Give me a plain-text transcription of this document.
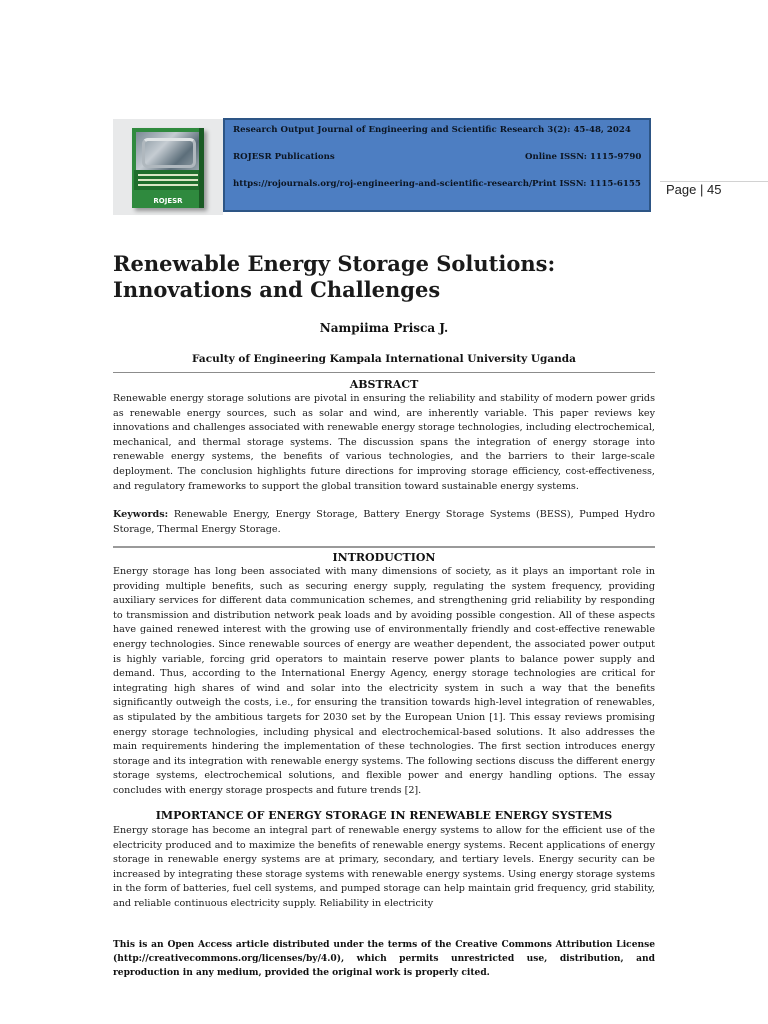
ROJESR
Research Output Journal of Engineering and Scientific Research 3(2): 45-48, 2024
ROJESR Publications	Online ISSN: 1115-9790
https://rojournals.org/roj-engineering-and-scientific-research/ Print ISSN: 1115-6155 Page | 45
Renewable Energy Storage Solutions: Innovations and Challenges
Nampiima Prisca J.
Faculty of Engineering Kampala International University Uganda
ABSTRACT

Renewable energy storage solutions are pivotal in ensuring the reliability and stability of modern power grids as renewable energy sources, such as solar and wind, are inherently variable. This paper reviews key innovations and challenges associated with renewable energy storage technologies, including electrochemical, mechanical, and thermal storage systems. The discussion spans the integration of energy storage into renewable energy systems, the benefits of various technologies, and the barriers to their large-scale deployment. The conclusion highlights future directions for improving storage efficiency, cost-effectiveness, and regulatory frameworks to support the global transition toward sustainable energy systems.

Keywords: Renewable Energy, Energy Storage, Battery Energy Storage Systems (BESS), Pumped Hydro Storage, Thermal Energy Storage.

INTRODUCTION

Energy storage has long been associated with many dimensions of society, as it plays an important role in providing multiple benefits, such as securing energy supply, regulating the system frequency, providing auxiliary services for different data communication schemes, and strengthening grid reliability by responding to transmission and distribution network peak loads and by avoiding possible congestion. All of these aspects have gained renewed interest with the growing use of environmentally friendly and cost-effective renewable energy technologies. Since renewable sources of energy are weather dependent, the associated power output is highly variable, forcing grid operators to maintain reserve power plants to balance power supply and demand. Thus, according to the International Energy Agency, energy storage technologies are critical for integrating high shares of wind and solar into the electricity system in such a way that the benefits significantly outweigh the costs, i.e., for ensuring the transition towards high-level integration of renewables, as stipulated by the ambitious targets for 2030 set by the European Union [1]. This essay reviews promising energy storage technologies, including physical and electrochemical-based solutions. It also addresses the main requirements hindering the implementation of these technologies. The first section introduces energy storage and its integration with renewable energy systems. The following sections discuss the different energy storage systems, electrochemical solutions, and flexible power and energy handling options. The essay concludes with energy storage prospects and future trends [2].

IMPORTANCE OF ENERGY STORAGE IN RENEWABLE ENERGY SYSTEMS

Energy storage has become an integral part of renewable energy systems to allow for the efficient use of the electricity produced and to maximize the benefits of renewable energy systems. Recent applications of energy storage in renewable energy systems are at primary, secondary, and tertiary levels. Energy security can be increased by integrating these storage systems with renewable energy systems. Using energy storage systems in the form of batteries, fuel cell systems, and pumped storage can help maintain grid frequency, grid stability, and reliable continuous electricity supply. Reliability in electricity

This is an Open Access article distributed under the terms of the Creative Commons Attribution License (http://creativecommons.org/licenses/by/4.0), which permits unrestricted use, distribution, and reproduction in any medium, provided the original work is properly cited.
